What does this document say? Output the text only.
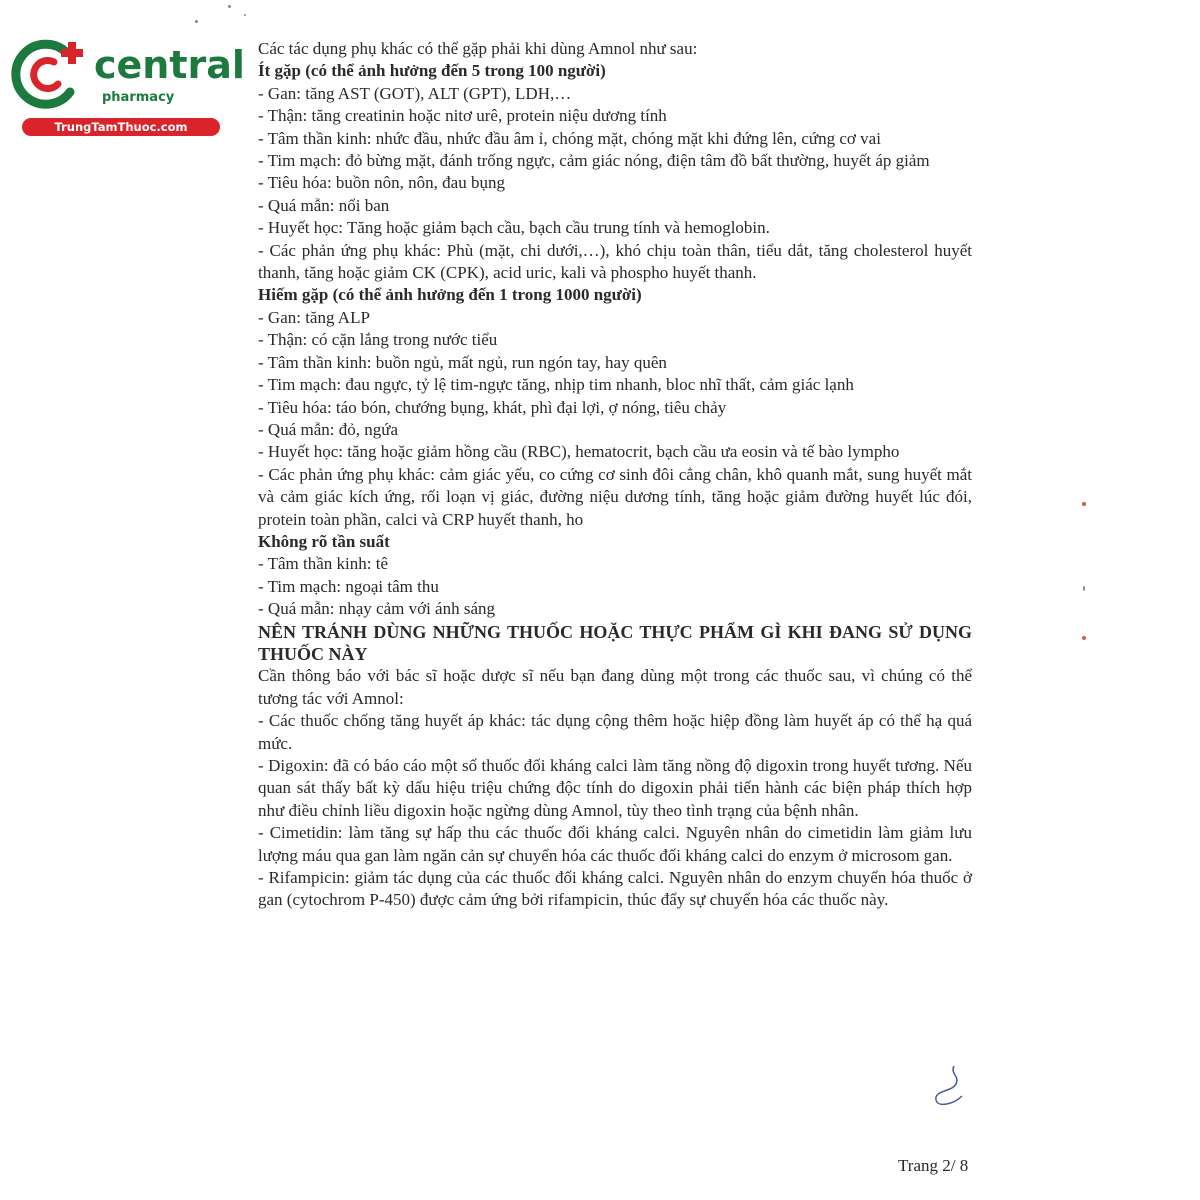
central
pharmacy
TrungTamThuoc.com

Các tác dụng phụ khác có thể gặp phải khi dùng Amnol như sau:

Ít gặp (có thể ảnh hưởng đến 5 trong 100 người)

- Gan: tăng AST (GOT), ALT (GPT), LDH,…

- Thận: tăng creatinin hoặc nitơ urê, protein niệu dương tính

- Tâm thần kinh: nhức đầu, nhức đầu âm ỉ, chóng mặt, chóng mặt khi đứng lên, cứng cơ vai

- Tim mạch: đỏ bừng mặt, đánh trống ngực, cảm giác nóng, điện tâm đồ bất thường, huyết áp giảm

- Tiêu hóa: buồn nôn, nôn, đau bụng

- Quá mẫn: nổi ban

- Huyết học: Tăng hoặc giảm bạch cầu, bạch cầu trung tính và hemoglobin.

- Các phản ứng phụ khác: Phù (mặt, chi dưới,…), khó chịu toàn thân, tiểu dắt, tăng cholesterol huyết thanh, tăng hoặc giảm CK (CPK), acid uric, kali và phospho huyết thanh.

Hiếm gặp (có thể ảnh hưởng đến 1 trong 1000 người)

- Gan: tăng ALP

- Thận: có cặn lắng trong nước tiểu

- Tâm thần kinh: buồn ngủ, mất ngủ, run ngón tay, hay quên

- Tim mạch: đau ngực, tỷ lệ tim-ngực tăng, nhịp tim nhanh, bloc nhĩ thất, cảm giác lạnh

- Tiêu hóa: táo bón, chướng bụng, khát, phì đại lợi, ợ nóng, tiêu chảy

- Quá mẫn: đỏ, ngứa

- Huyết học: tăng hoặc giảm hồng cầu (RBC), hematocrit, bạch cầu ưa eosin và tế bào lympho

- Các phản ứng phụ khác: cảm giác yếu, co cứng cơ sinh đôi cẳng chân, khô quanh mắt, sung huyết mắt và cảm giác kích ứng, rối loạn vị giác, đường niệu dương tính, tăng hoặc giảm đường huyết lúc đói, protein toàn phần, calci và CRP huyết thanh, ho

Không rõ tần suất

- Tâm thần kinh: tê

- Tim mạch: ngoại tâm thu

- Quá mẫn: nhạy cảm với ánh sáng

NÊN TRÁNH DÙNG NHỮNG THUỐC HOẶC THỰC PHẨM GÌ KHI ĐANG SỬ DỤNG THUỐC NÀY

Cần thông báo với bác sĩ hoặc dược sĩ nếu bạn đang dùng một trong các thuốc sau, vì chúng có thể tương tác với Amnol:

- Các thuốc chống tăng huyết áp khác: tác dụng cộng thêm hoặc hiệp đồng làm huyết áp có thể hạ quá mức.

- Digoxin: đã có báo cáo một số thuốc đối kháng calci làm tăng nồng độ digoxin trong huyết tương. Nếu quan sát thấy bất kỳ dấu hiệu triệu chứng độc tính do digoxin phải tiến hành các biện pháp thích hợp như điều chỉnh liều digoxin hoặc ngừng dùng Amnol, tùy theo tình trạng của bệnh nhân.

- Cimetidin: làm tăng sự hấp thu các thuốc đối kháng calci. Nguyên nhân do cimetidin làm giảm lưu lượng máu qua gan làm ngăn cản sự chuyển hóa các thuốc đối kháng calci do enzym ở microsom gan.

- Rifampicin: giảm tác dụng của các thuốc đối kháng calci. Nguyên nhân do enzym chuyển hóa thuốc ở gan (cytochrom P-450) được cảm ứng bởi rifampicin, thúc đẩy sự chuyển hóa các thuốc này.

Trang 2/ 8
